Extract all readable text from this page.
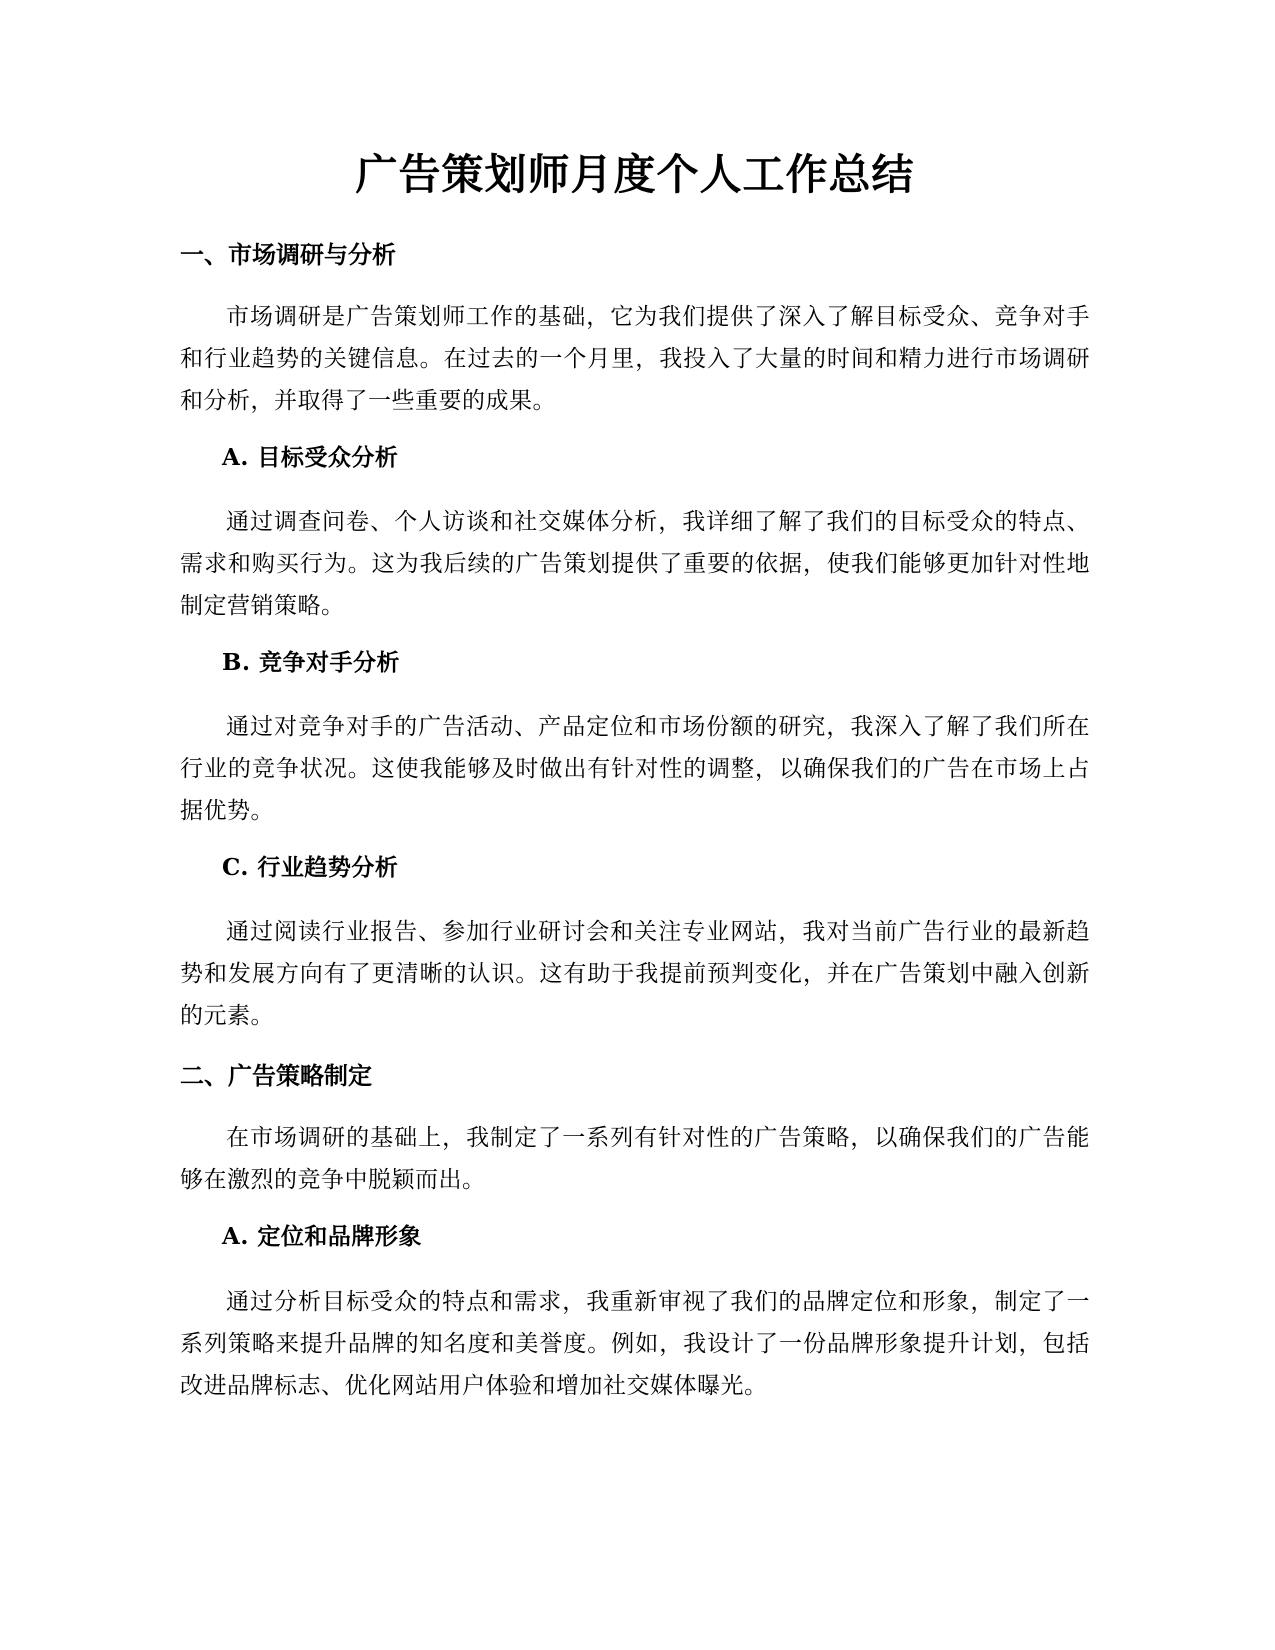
广告策划师月度个人工作总结
一、市场调研与分析

市场调研是广告策划师工作的基础，它为我们提供了深入了解目标受众、竞争对手和行业趋势的关键信息。在过去的一个月里，我投入了大量的时间和精力进行市场调研和分析，并取得了一些重要的成果。

A. 目标受众分析

通过调查问卷、个人访谈和社交媒体分析，我详细了解了我们的目标受众的特点、需求和购买行为。这为我后续的广告策划提供了重要的依据，使我们能够更加针对性地制定营销策略。

B. 竞争对手分析

通过对竞争对手的广告活动、产品定位和市场份额的研究，我深入了解了我们所在行业的竞争状况。这使我能够及时做出有针对性的调整，以确保我们的广告在市场上占据优势。

C. 行业趋势分析

通过阅读行业报告、参加行业研讨会和关注专业网站，我对当前广告行业的最新趋势和发展方向有了更清晰的认识。这有助于我提前预判变化，并在广告策划中融入创新的元素。

二、广告策略制定

在市场调研的基础上，我制定了一系列有针对性的广告策略，以确保我们的广告能够在激烈的竞争中脱颖而出。

A. 定位和品牌形象

通过分析目标受众的特点和需求，我重新审视了我们的品牌定位和形象，制定了一系列策略来提升品牌的知名度和美誉度。例如，我设计了一份品牌形象提升计划，包括改进品牌标志、优化网站用户体验和增加社交媒体曝光。
